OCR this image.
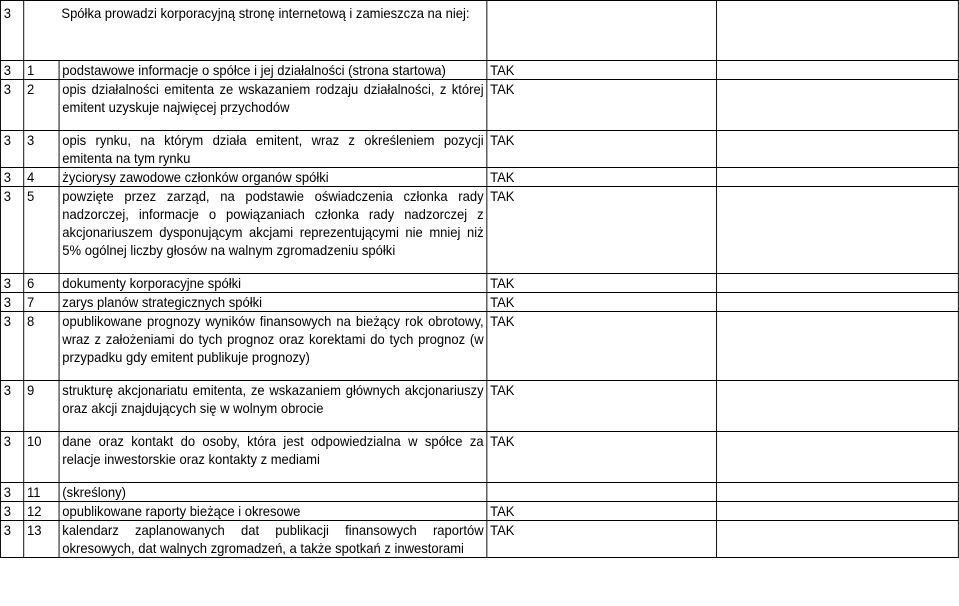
3	Spółka prowadzi korporacyjną stronę internetową i zamieszcza na niej:			
3	1	podstawowe informacje o spółce i jej działalności (strona startowa)	TAK	
3	2	opis działalności emitenta ze wskazaniem rodzaju działalności, z której emitent uzyskuje najwięcej przychodów	TAK	
3	3	opis rynku, na którym działa emitent, wraz z określeniem pozycji emitenta na tym rynku	TAK	
3	4	życiorysy zawodowe członków organów spółki	TAK	
3	5	powzięte przez zarząd, na podstawie oświadczenia członka rady nadzorczej, informacje o powiązaniach członka rady nadzorczej z akcjonariuszem dysponującym akcjami reprezentującymi nie mniej niż 5% ogólnej liczby głosów na walnym zgromadzeniu spółki	TAK	
3	6	dokumenty korporacyjne spółki	TAK	
3	7	zarys planów strategicznych spółki	TAK	
3	8	opublikowane prognozy wyników finansowych na bieżący rok obrotowy, wraz z założeniami do tych prognoz oraz korektami do tych prognoz (w przypadku gdy emitent publikuje prognozy)	TAK	
3	9	strukturę akcjonariatu emitenta, ze wskazaniem głównych akcjonariuszy oraz akcji znajdujących się w wolnym obrocie	TAK	
3	10	dane oraz kontakt do osoby, która jest odpowiedzialna w spółce za relacje inwestorskie oraz kontakty z mediami	TAK	
3	11	(skreślony)		
3	12	opublikowane raporty bieżące i okresowe	TAK	
3	13	kalendarz zaplanowanych dat publikacji finansowych raportów okresowych, dat walnych zgromadzeń, a także spotkań z inwestorami	TAK	
